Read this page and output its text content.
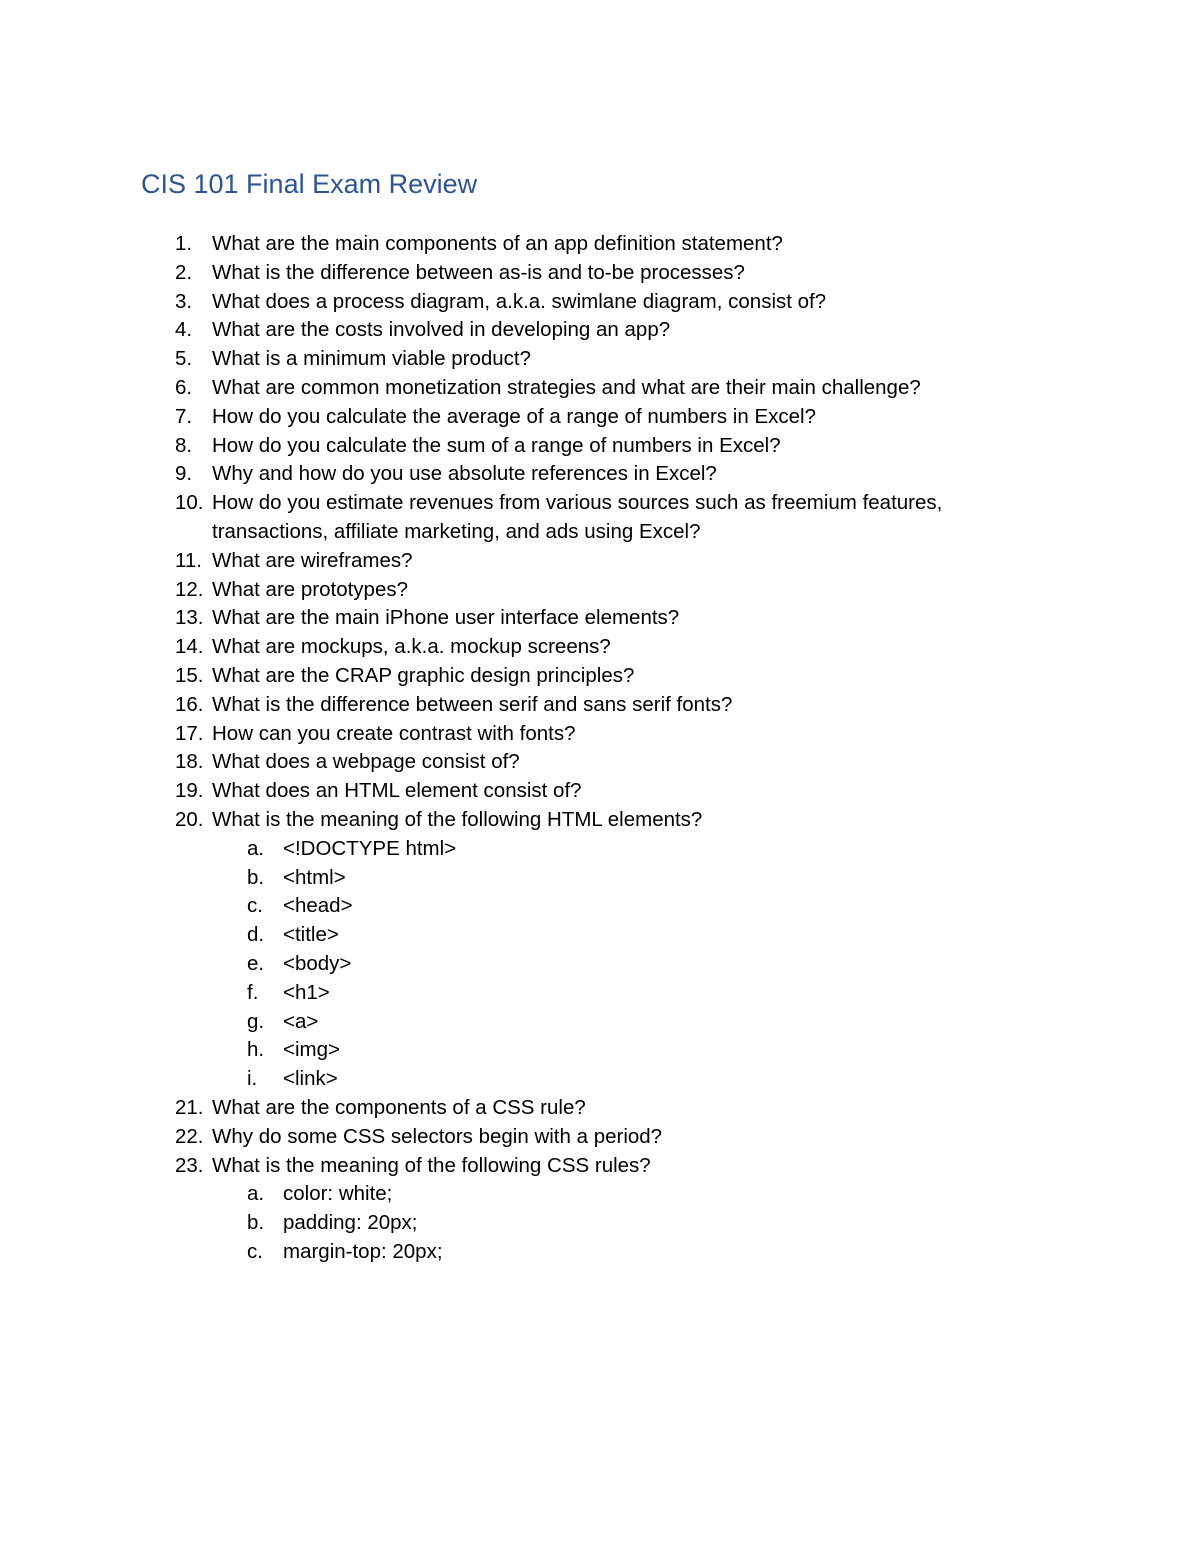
CIS 101 Final Exam Review
1. What are the main components of an app definition statement?
2. What is the difference between as-is and to-be processes?
3. What does a process diagram, a.k.a. swimlane diagram, consist of?
4. What are the costs involved in developing an app?
5. What is a minimum viable product?
6. What are common monetization strategies and what are their main challenge?
7. How do you calculate the average of a range of numbers in Excel?
8. How do you calculate the sum of a range of numbers in Excel?
9. Why and how do you use absolute references in Excel?
10. How do you estimate revenues from various sources such as freemium features, transactions, affiliate marketing, and ads using Excel?
11. What are wireframes?
12. What are prototypes?
13. What are the main iPhone user interface elements?
14. What are mockups, a.k.a. mockup screens?
15. What are the CRAP graphic design principles?
16. What is the difference between serif and sans serif fonts?
17. How can you create contrast with fonts?
18. What does a webpage consist of?
19. What does an HTML element consist of?
20. What is the meaning of the following HTML elements?
a. <!DOCTYPE html>
b. <html>
c. <head>
d. <title>
e. <body>
f. <h1>
g. <a>
h. <img>
i. <link>
21. What are the components of a CSS rule?
22. Why do some CSS selectors begin with a period?
23. What is the meaning of the following CSS rules?
a. color: white;
b. padding: 20px;
c. margin-top: 20px;
